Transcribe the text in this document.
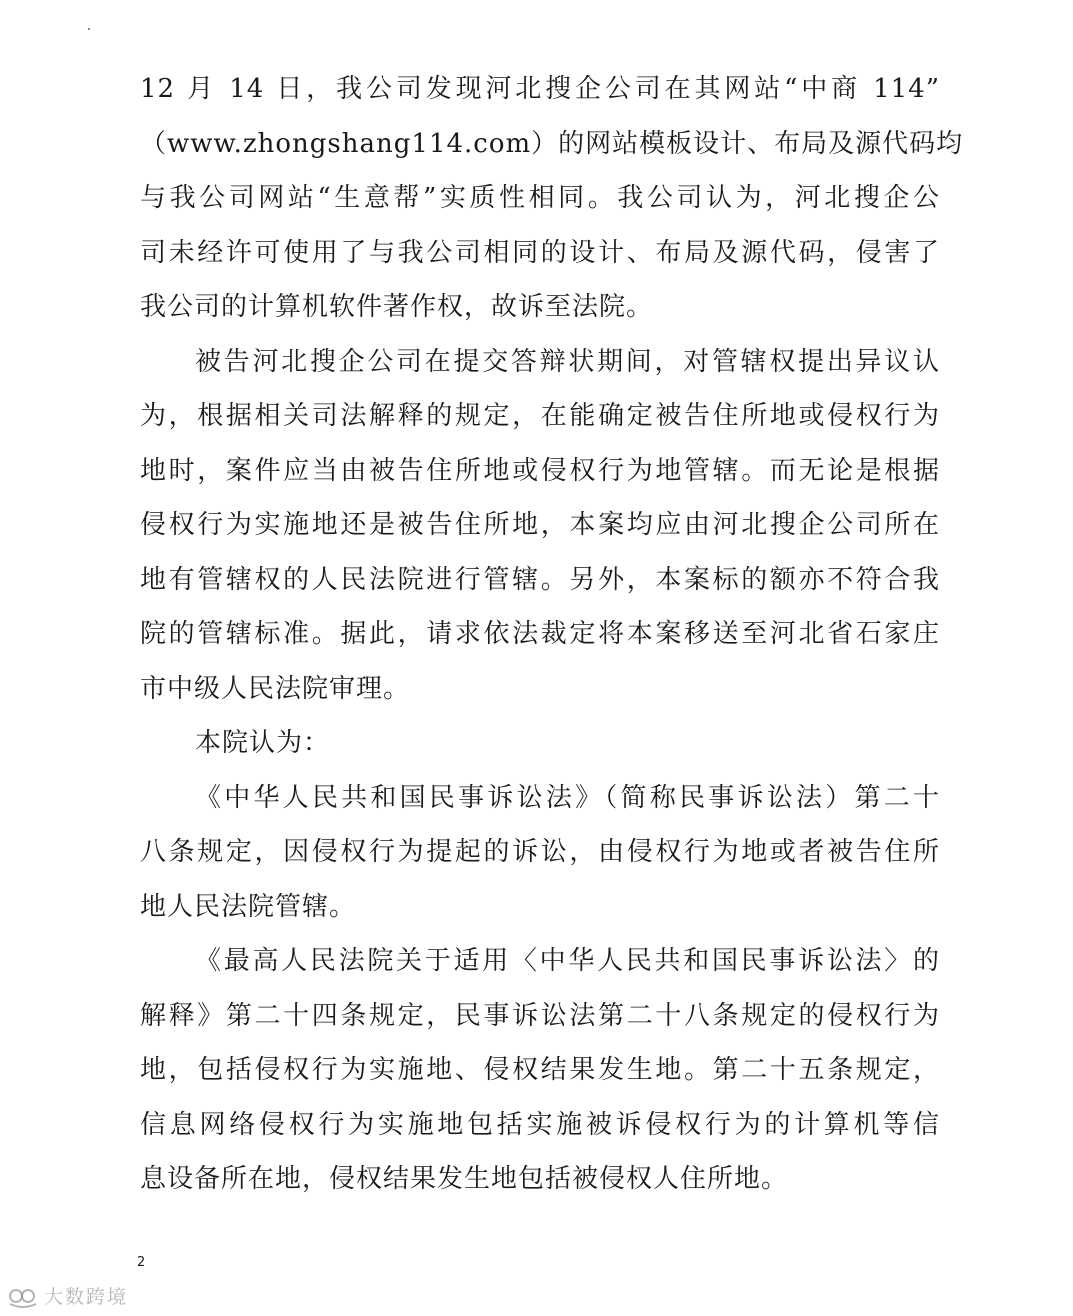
12 月 14 日，我公司发现河北搜企公司在其网站“中商 114”
（www.zhongshang114.com）的网站模板设计、布局及源代码均
与我公司网站“生意帮”实质性相同。我公司认为，河北搜企公
司未经许可使用了与我公司相同的设计、布局及源代码，侵害了
我公司的计算机软件著作权，故诉至法院。
被告河北搜企公司在提交答辩状期间，对管辖权提出异议认
为，根据相关司法解释的规定，在能确定被告住所地或侵权行为
地时，案件应当由被告住所地或侵权行为地管辖。而无论是根据
侵权行为实施地还是被告住所地，本案均应由河北搜企公司所在
地有管辖权的人民法院进行管辖。另外，本案标的额亦不符合我
院的管辖标准。据此，请求依法裁定将本案移送至河北省石家庄
市中级人民法院审理。
本院认为：
《中华人民共和国民事诉讼法》（简称民事诉讼法）第二十
八条规定，因侵权行为提起的诉讼，由侵权行为地或者被告住所
地人民法院管辖。
《最高人民法院关于适用〈中华人民共和国民事诉讼法〉的
解释》第二十四条规定，民事诉讼法第二十八条规定的侵权行为
地，包括侵权行为实施地、侵权结果发生地。第二十五条规定，
信息网络侵权行为实施地包括实施被诉侵权行为的计算机等信
息设备所在地，侵权结果发生地包括被侵权人住所地。
2
大数跨境
